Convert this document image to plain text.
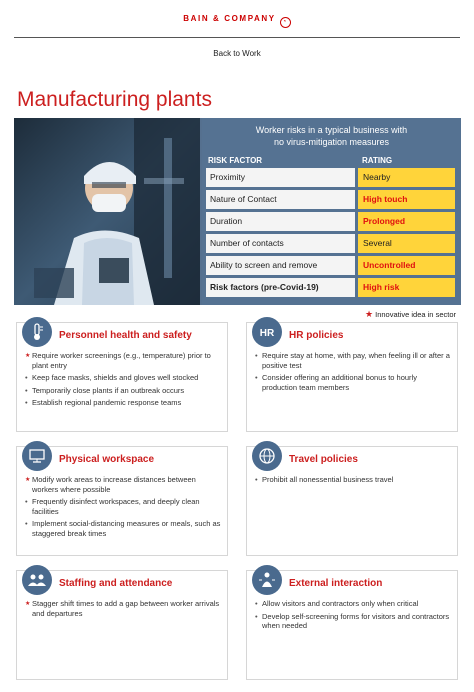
BAIN & COMPANY ◔
Back to Work
Manufacturing plants
Worker risks in a typical business with
no virus-mitigation measures
RISK FACTOR	RATING
Proximity	Nearby
Nature of Contact	High touch
Duration	Prolonged
Number of contacts	Several
Ability to screen and remove	Uncontrolled
Risk factors (pre-Covid-19)	High risk
★ Innovative idea in sector
Personnel health and safety
★ Require worker screenings (e.g., temperature) prior to plant entry
• Keep face masks, shields and gloves well stocked
• Temporarily close plants if an outbreak occurs
• Establish regional pandemic response teams
HR HR policies
• Require stay at home, with pay, when feeling ill or after a positive test
• Consider offering an additional bonus to hourly production team members
Physical workspace
★ Modify work areas to increase distances between workers where possible
• Frequently disinfect workspaces, and deeply clean facilities
• Implement social-distancing measures or meals, such as staggered break times
Travel policies
• Prohibit all nonessential business travel
Staffing and attendance
★ Stagger shift times to add a gap between worker arrivals and departures
External interaction
• Allow visitors and contractors only when critical
• Develop self-screening forms for visitors and contractors when needed
